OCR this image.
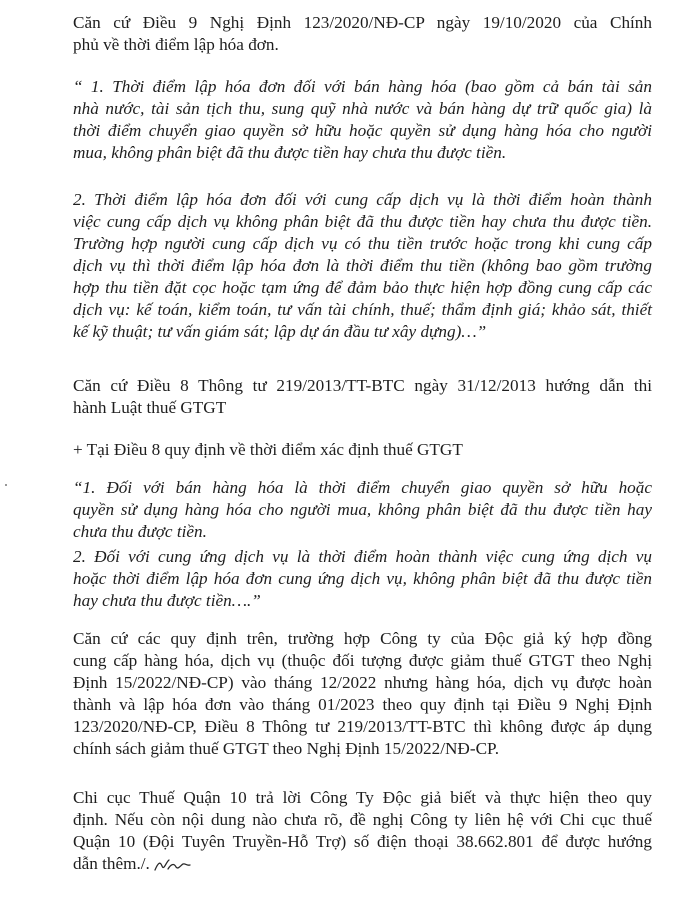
Căn cứ Điều 9 Nghị Định 123/2020/NĐ-CP ngày 19/10/2020 của Chính
phủ về thời điểm lập hóa đơn.

“ 1. Thời điểm lập hóa đơn đối với bán hàng hóa (bao gồm cả bán tài sản
nhà nước, tài sản tịch thu, sung quỹ nhà nước và bán hàng dự trữ quốc gia) là
thời điểm chuyển giao quyền sở hữu hoặc quyền sử dụng hàng hóa cho người
mua, không phân biệt đã thu được tiền hay chưa thu được tiền.

2. Thời điểm lập hóa đơn đối với cung cấp dịch vụ là thời điểm hoàn thành
việc cung cấp dịch vụ không phân biệt đã thu được tiền hay chưa thu được tiền.
Trường hợp người cung cấp dịch vụ có thu tiền trước hoặc trong khi cung cấp
dịch vụ thì thời điểm lập hóa đơn là thời điểm thu tiền (không bao gồm trường
hợp thu tiền đặt cọc hoặc tạm ứng để đảm bảo thực hiện hợp đồng cung cấp các
dịch vụ: kế toán, kiểm toán, tư vấn tài chính, thuế; thẩm định giá; khảo sát, thiết
kế kỹ thuật; tư vấn giám sát; lập dự án đầu tư xây dựng)…”

Căn cứ Điều 8 Thông tư 219/2013/TT-BTC ngày 31/12/2013 hướng dẫn thi
hành Luật thuế GTGT

+ Tại Điều 8 quy định về thời điểm xác định thuế GTGT

“1. Đối với bán hàng hóa là thời điểm chuyển giao quyền sở hữu hoặc
quyền sử dụng hàng hóa cho người mua, không phân biệt đã thu được tiền hay
chưa thu được tiền.

2. Đối với cung ứng dịch vụ là thời điểm hoàn thành việc cung ứng dịch vụ
hoặc thời điểm lập hóa đơn cung ứng dịch vụ, không phân biệt đã thu được tiền
hay chưa thu được tiền….”

Căn cứ các quy định trên, trường hợp Công ty của Độc giả ký hợp đồng
cung cấp hàng hóa, dịch vụ (thuộc đối tượng được giảm thuế GTGT theo Nghị
Định 15/2022/NĐ-CP) vào tháng 12/2022 nhưng hàng hóa, dịch vụ được hoàn
thành và lập hóa đơn vào tháng 01/2023 theo quy định tại Điều 9 Nghị Định
123/2020/NĐ-CP, Điều 8 Thông tư 219/2013/TT-BTC thì không được áp dụng
chính sách giảm thuế GTGT theo Nghị Định 15/2022/NĐ-CP.

Chi cục Thuế Quận 10 trả lời Công Ty Độc giả biết và thực hiện theo quy
định. Nếu còn nội dung nào chưa rõ, đề nghị Công ty liên hệ với Chi cục thuế
Quận 10 (Đội Tuyên Truyền-Hỗ Trợ) số điện thoại 38.662.801 để được hướng
dẫn thêm./.
